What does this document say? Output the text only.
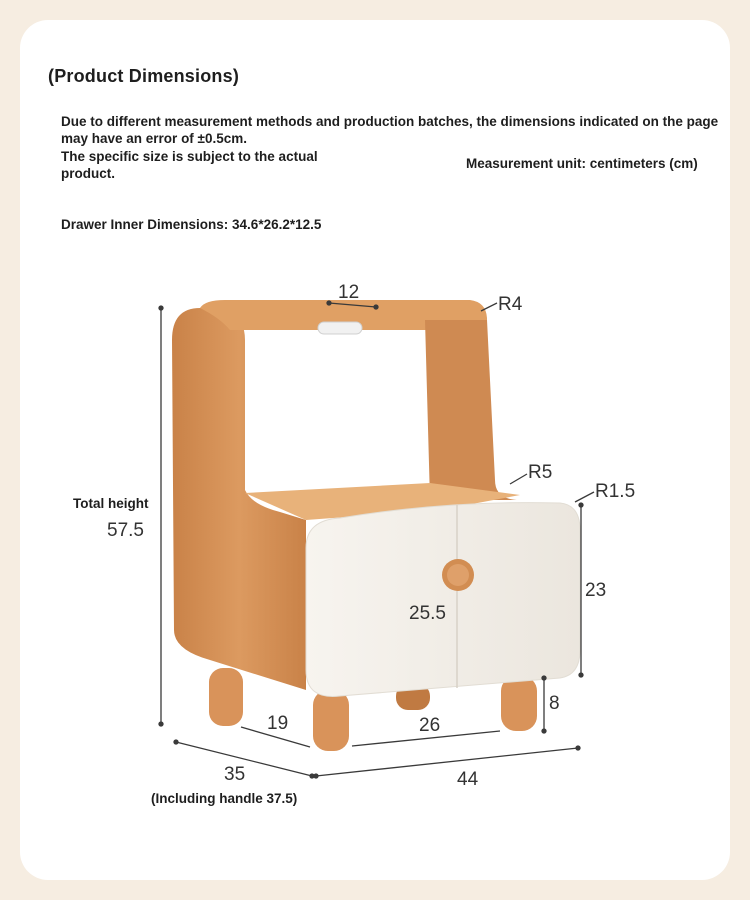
(Product Dimensions)

Due to different measurement methods and production batches, the dimensions indicated on the page may have an error of ±0.5cm.

The specific size is subject to the actual product.

Measurement unit: centimeters (cm)

Drawer Inner Dimensions: 34.6*26.2*12.5

Total height
57.5
12
R4
R5
R1.5
23
25.5
8
19	26
35
(Including handle 37.5)
44
